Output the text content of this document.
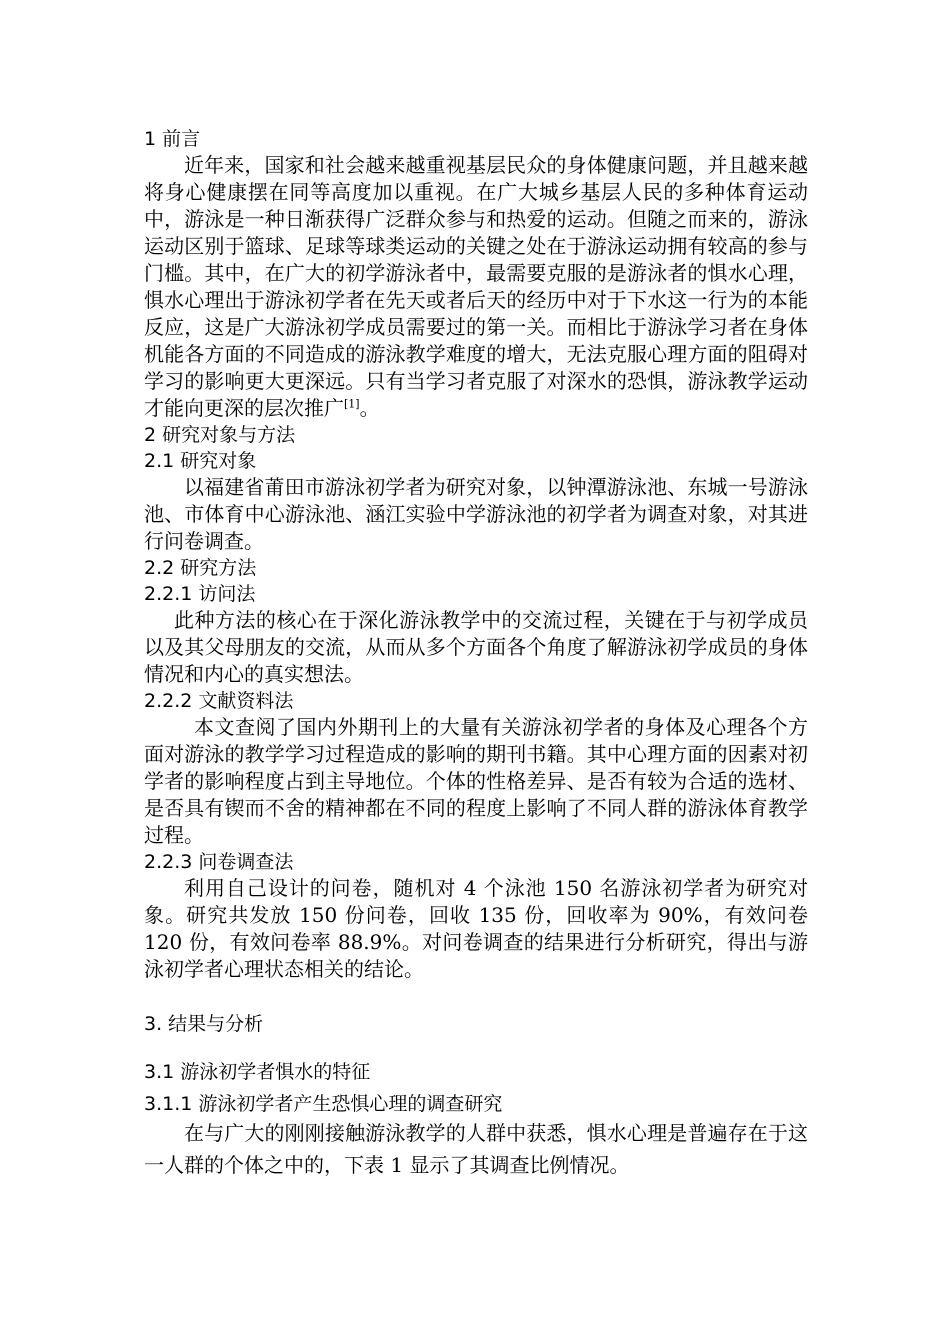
1 前言

近年来，国家和社会越来越重视基层民众的身体健康问题，并且越来越将身心健康摆在同等高度加以重视。在广大城乡基层人民的多种体育运动中，游泳是一种日渐获得广泛群众参与和热爱的运动。但随之而来的，游泳运动区别于篮球、足球等球类运动的关键之处在于游泳运动拥有较高的参与门槛。其中，在广大的初学游泳者中，最需要克服的是游泳者的惧水心理，惧水心理出于游泳初学者在先天或者后天的经历中对于下水这一行为的本能反应，这是广大游泳初学成员需要过的第一关。而相比于游泳学习者在身体机能各方面的不同造成的游泳教学难度的增大，无法克服心理方面的阻碍对学习的影响更大更深远。只有当学习者克服了对深水的恐惧，游泳教学运动才能向更深的层次推广[1]。

2 研究对象与方法
2.1 研究对象

以福建省莆田市游泳初学者为研究对象，以钟潭游泳池、东城一号游泳池、市体育中心游泳池、涵江实验中学游泳池的初学者为调查对象，对其进行问卷调查。

2.2 研究方法
2.2.1 访问法

此种方法的核心在于深化游泳教学中的交流过程，关键在于与初学成员以及其父母朋友的交流，从而从多个方面各个角度了解游泳初学成员的身体情况和内心的真实想法。

2.2.2 文献资料法

本文查阅了国内外期刊上的大量有关游泳初学者的身体及心理各个方面对游泳的教学学习过程造成的影响的期刊书籍。其中心理方面的因素对初学者的影响程度占到主导地位。个体的性格差异、是否有较为合适的选材、是否具有锲而不舍的精神都在不同的程度上影响了不同人群的游泳体育教学过程。

2.2.3 问卷调查法

利用自己设计的问卷，随机对 4 个泳池 150 名游泳初学者为研究对象。研究共发放 150 份问卷，回收 135 份，回收率为 90%，有效问卷 120 份，有效问卷率 88.9%。对问卷调查的结果进行分析研究，得出与游泳初学者心理状态相关的结论。

3. 结果与分析
3.1 游泳初学者惧水的特征
3.1.1 游泳初学者产生恐惧心理的调查研究

在与广大的刚刚接触游泳教学的人群中获悉，惧水心理是普遍存在于这一人群的个体之中的，下表 1 显示了其调查比例情况。
